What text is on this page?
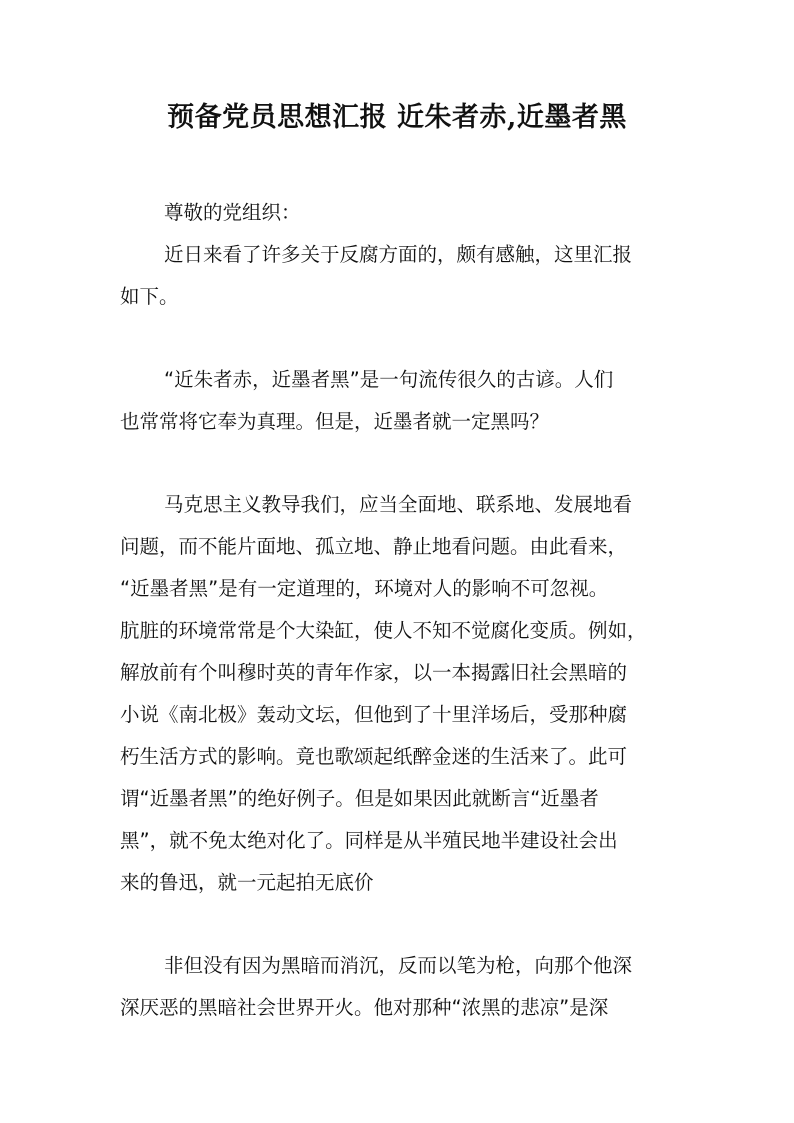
预备党员思想汇报 近朱者赤,近墨者黑

尊敬的党组织：

近日来看了许多关于反腐方面的，颇有感触，这里汇报

如下。

“近朱者赤，近墨者黑”是一句流传很久的古谚。人们

也常常将它奉为真理。但是，近墨者就一定黑吗？

马克思主义教导我们，应当全面地、联系地、发展地看

问题，而不能片面地、孤立地、静止地看问题。由此看来，

“近墨者黑”是有一定道理的，环境对人的影响不可忽视。

肮脏的环境常常是个大染缸，使人不知不觉腐化变质。例如，

解放前有个叫穆时英的青年作家，以一本揭露旧社会黑暗的

小说《南北极》轰动文坛，但他到了十里洋场后，受那种腐

朽生活方式的影响。竟也歌颂起纸醉金迷的生活来了。此可

谓“近墨者黑”的绝好例子。但是如果因此就断言“近墨者

黑”，就不免太绝对化了。同样是从半殖民地半建设社会出

来的鲁迅，就一元起拍无底价

非但没有因为黑暗而消沉，反而以笔为枪，向那个他深

深厌恶的黑暗社会世界开火。他对那种“浓黑的悲凉”是深
